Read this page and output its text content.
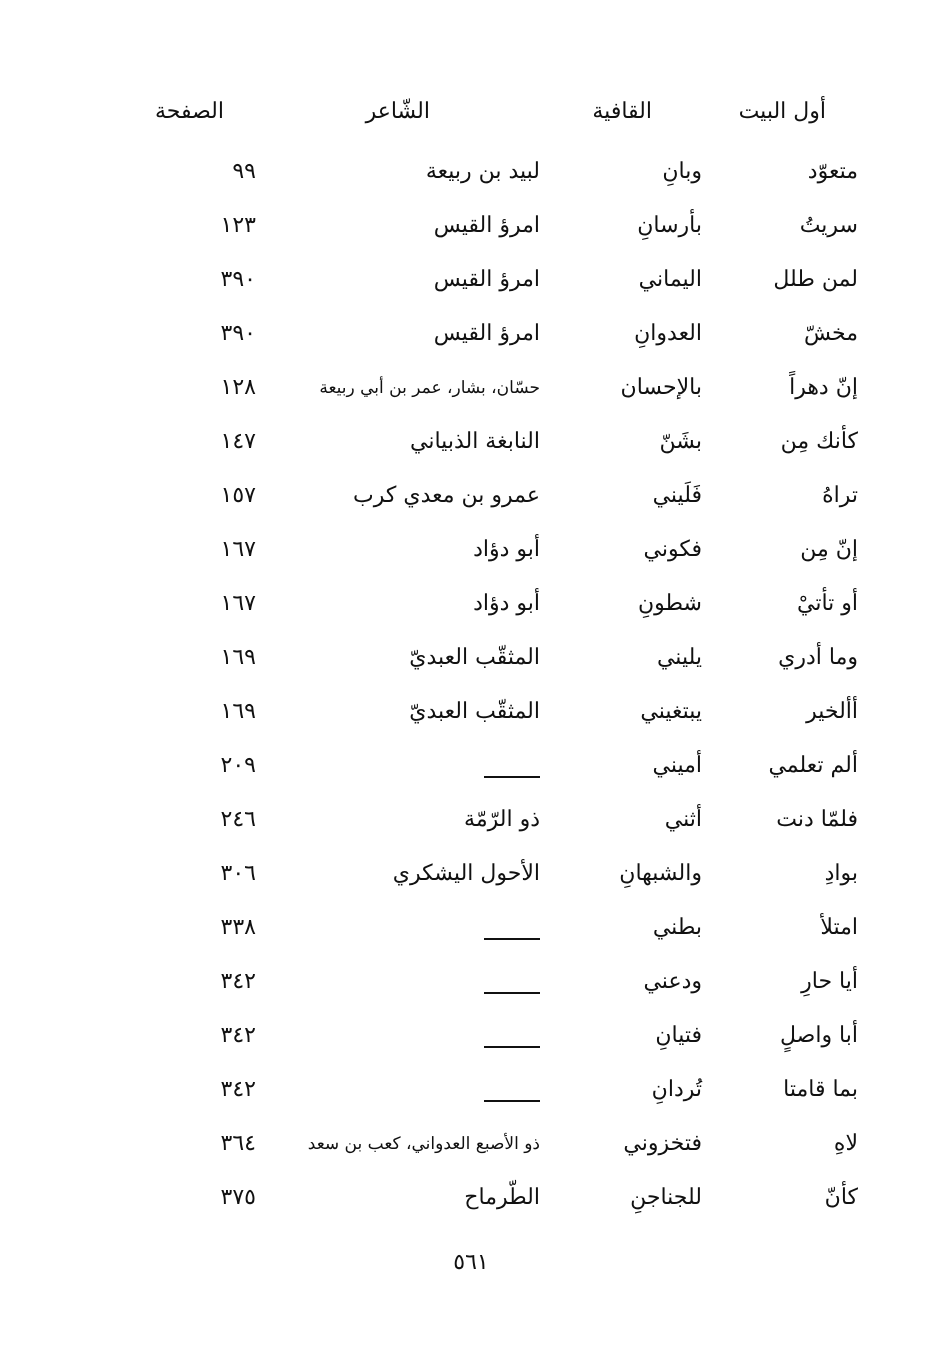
أول البيت
القافية
الشّاعر
الصفحة
متعوّد
وبانِ
لبيد بن ربيعة
٩٩
سريتُ
بأرسانِ
امرؤ القيس
١٢٣
لمن طلل
اليماني
امرؤ القيس
٣٩٠
مخشّ
العدوانِ
امرؤ القيس
٣٩٠
إنّ دهراً
بالإحسان
حسّان، بشار، عمر بن أبي ربيعة
١٢٨
كأنك مِن
بشَنّ
النابغة الذبياني
١٤٧
تراهُ
فَلَيني
عمرو بن معدي كرب
١٥٧
إنّ مِن
فكوني
أبو دؤاد
١٦٧
أو تأتيْ
شطونِ
أبو دؤاد
١٦٧
وما أدري
يليني
المثقّب العبديّ
١٦٩
أألخير
يبتغيني
المثقّب العبديّ
١٦٩
ألم تعلمي
أميني
٢٠٩
فلمّا دنت
أثني
ذو الرّمّة
٢٤٦
بوادِ
والشبهانِ
الأحول اليشكري
٣٠٦
امتلأ
بطني
٣٣٨
أيا حارِ
ودعني
٣٤٢
أبا واصلٍ
فتيانِ
٣٤٢
بما قامتا
تُردانِ
٣٤٢
لاهِ
فتخزوني
ذو الأصبع العدواني، كعب بن سعد
٣٦٤
كأنّ
للجناجنِ
الطّرماح
٣٧٥
٥٦١
